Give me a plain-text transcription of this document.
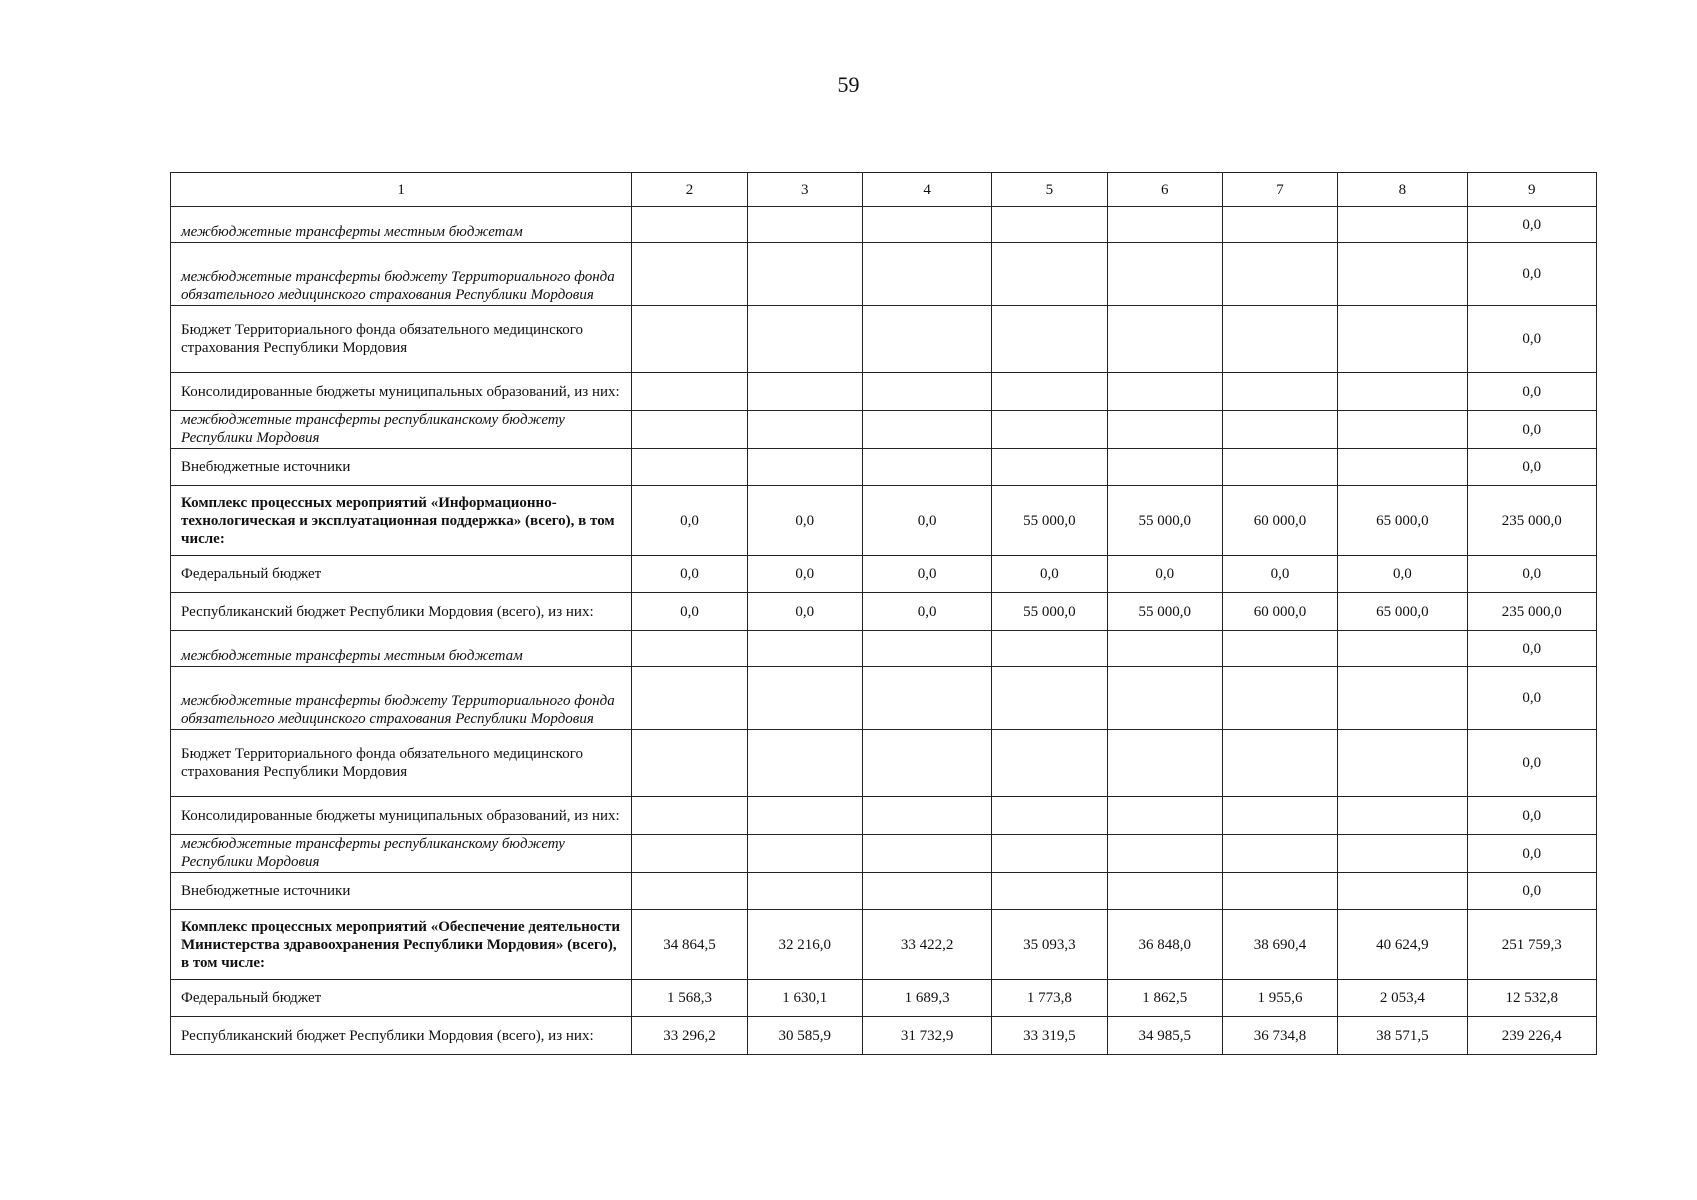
59
1	2	3	4	5	6	7	8	9
межбюджетные трансферты местным бюджетам								0,0
межбюджетные трансферты бюджету Территориального фонда обязательного медицинского страхования Республики Мордовия								0,0
Бюджет Территориального фонда обязательного медицинского страхования Республики Мордовия								0,0
Консолидированные бюджеты муниципальных образований, из них:								0,0
межбюджетные трансферты республиканскому бюджету Республики Мордовия								0,0
Внебюджетные источники								0,0
Комплекс процессных мероприятий «Информационно-технологическая и эксплуатационная поддержка» (всего), в том числе:	0,0	0,0	0,0	55 000,0	55 000,0	60 000,0	65 000,0	235 000,0
Федеральный бюджет	0,0	0,0	0,0	0,0	0,0	0,0	0,0	0,0
Республиканский бюджет Республики Мордовия (всего), из них:	0,0	0,0	0,0	55 000,0	55 000,0	60 000,0	65 000,0	235 000,0
межбюджетные трансферты местным бюджетам								0,0
межбюджетные трансферты бюджету Территориального фонда обязательного медицинского страхования Республики Мордовия								0,0
Бюджет Территориального фонда обязательного медицинского страхования Республики Мордовия								0,0
Консолидированные бюджеты муниципальных образований, из них:								0,0
межбюджетные трансферты республиканскому бюджету Республики Мордовия								0,0
Внебюджетные источники								0,0
Комплекс процессных мероприятий «Обеспечение деятельности Министерства здравоохранения Республики Мордовия» (всего), в том числе:	34 864,5	32 216,0	33 422,2	35 093,3	36 848,0	38 690,4	40 624,9	251 759,3
Федеральный бюджет	1 568,3	1 630,1	1 689,3	1 773,8	1 862,5	1 955,6	2 053,4	12 532,8
Республиканский бюджет Республики Мордовия (всего), из них:	33 296,2	30 585,9	31 732,9	33 319,5	34 985,5	36 734,8	38 571,5	239 226,4
